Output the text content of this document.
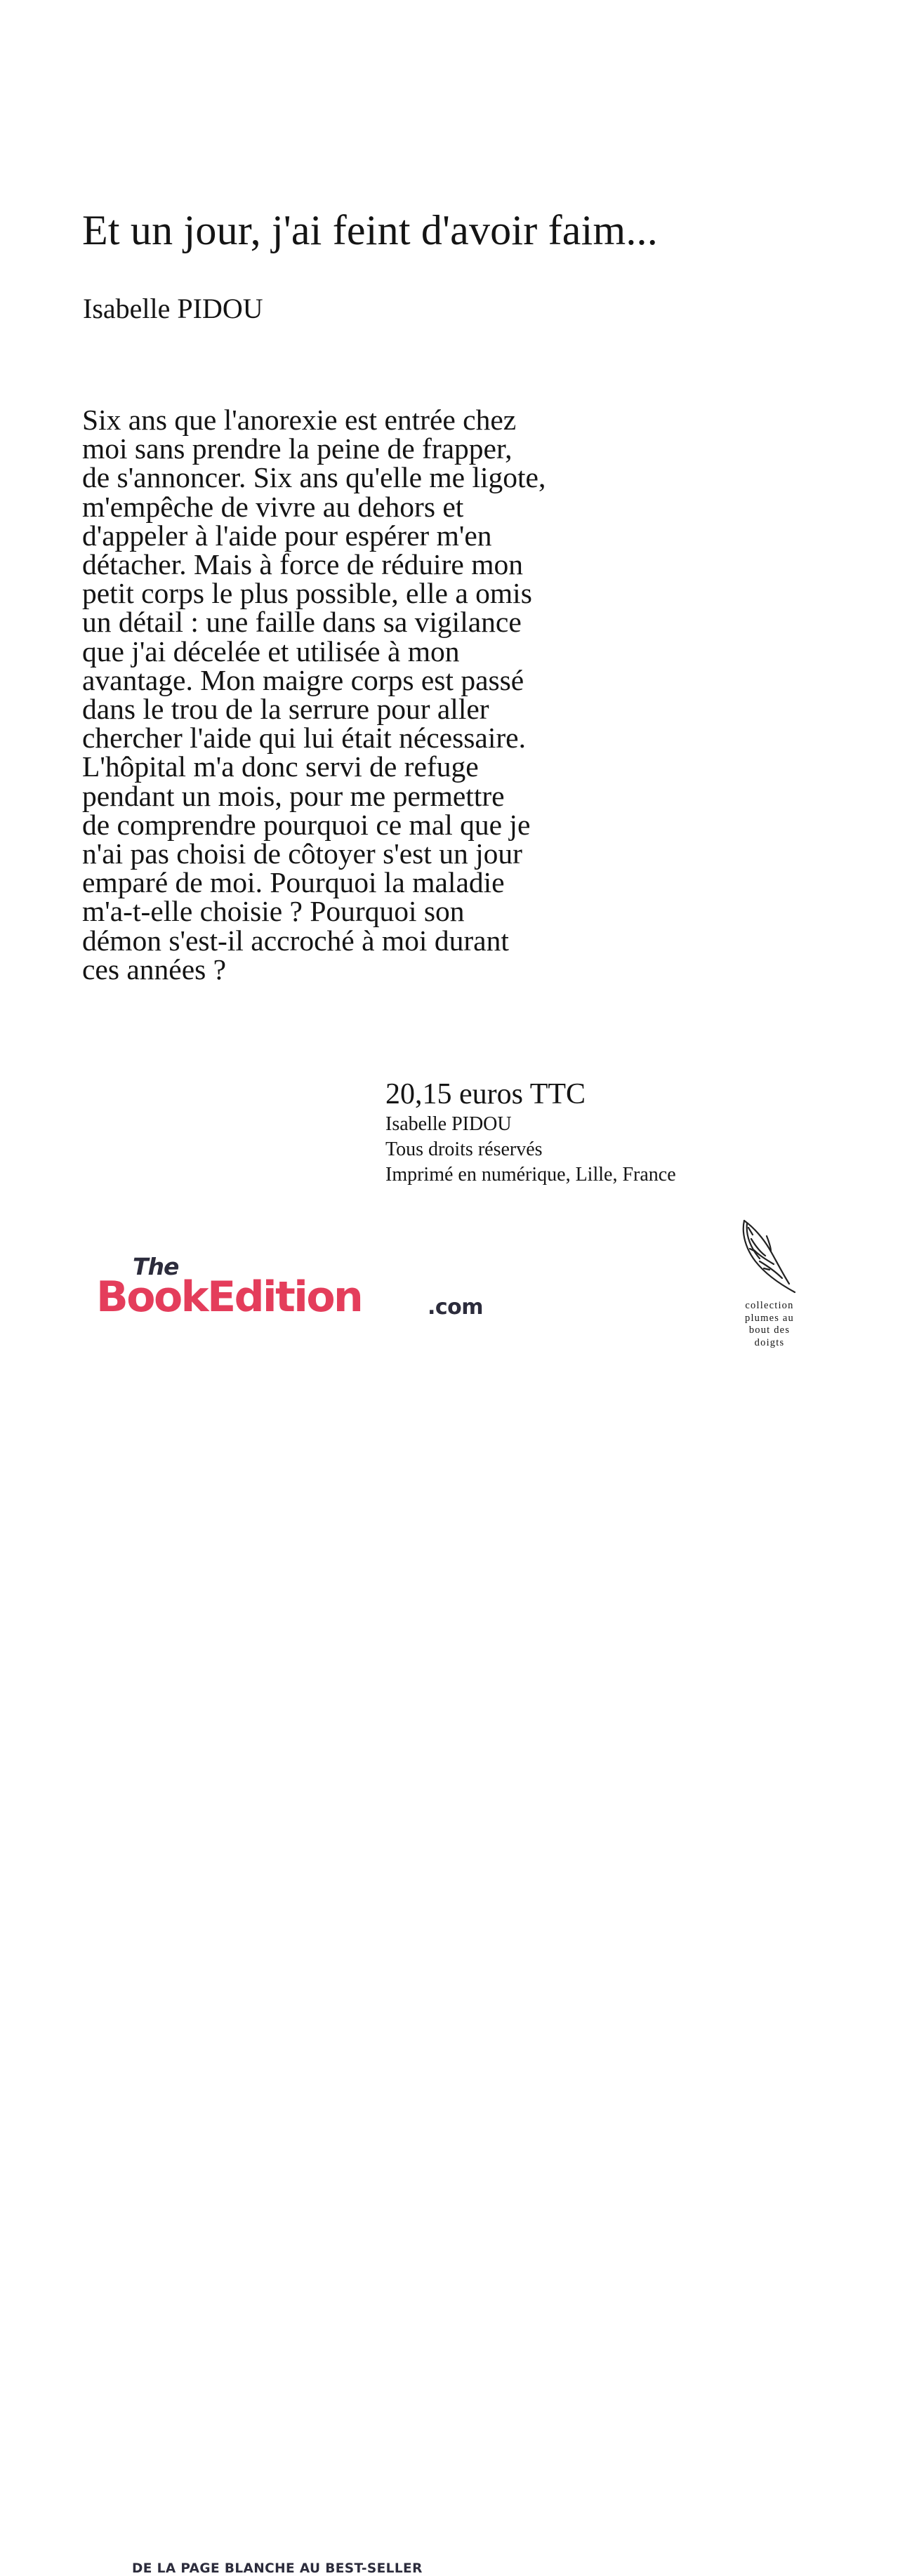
Et un jour, j'ai feint d'avoir faim...
Isabelle PIDOU
Six ans que l'anorexie est entrée chez
moi sans prendre la peine de frapper,
de s'annoncer. Six ans qu'elle me ligote,
m'empêche de vivre au dehors et
d'appeler à l'aide pour espérer m'en
détacher. Mais à force de réduire mon
petit corps le plus possible, elle a omis
un détail : une faille dans sa vigilance
que j'ai décelée et utilisée à mon
avantage. Mon maigre corps est passé
dans le trou de la serrure pour aller
chercher l'aide qui lui était nécessaire.
L'hôpital m'a donc servi de refuge
pendant un mois, pour me permettre
de comprendre pourquoi ce mal que je
n'ai pas choisi de côtoyer s'est un jour
emparé de moi. Pourquoi la maladie
m'a-t-elle choisie ? Pourquoi son
démon s'est-il accroché à moi durant
ces années ?
20,15 euros TTC
Isabelle PIDOU
Tous droits réservés
Imprimé en numérique, Lille, France
collection
plumes au
bout des
doigts
The
BookEdition	.com
DE LA PAGE BLANCHE AU BEST-SELLER
